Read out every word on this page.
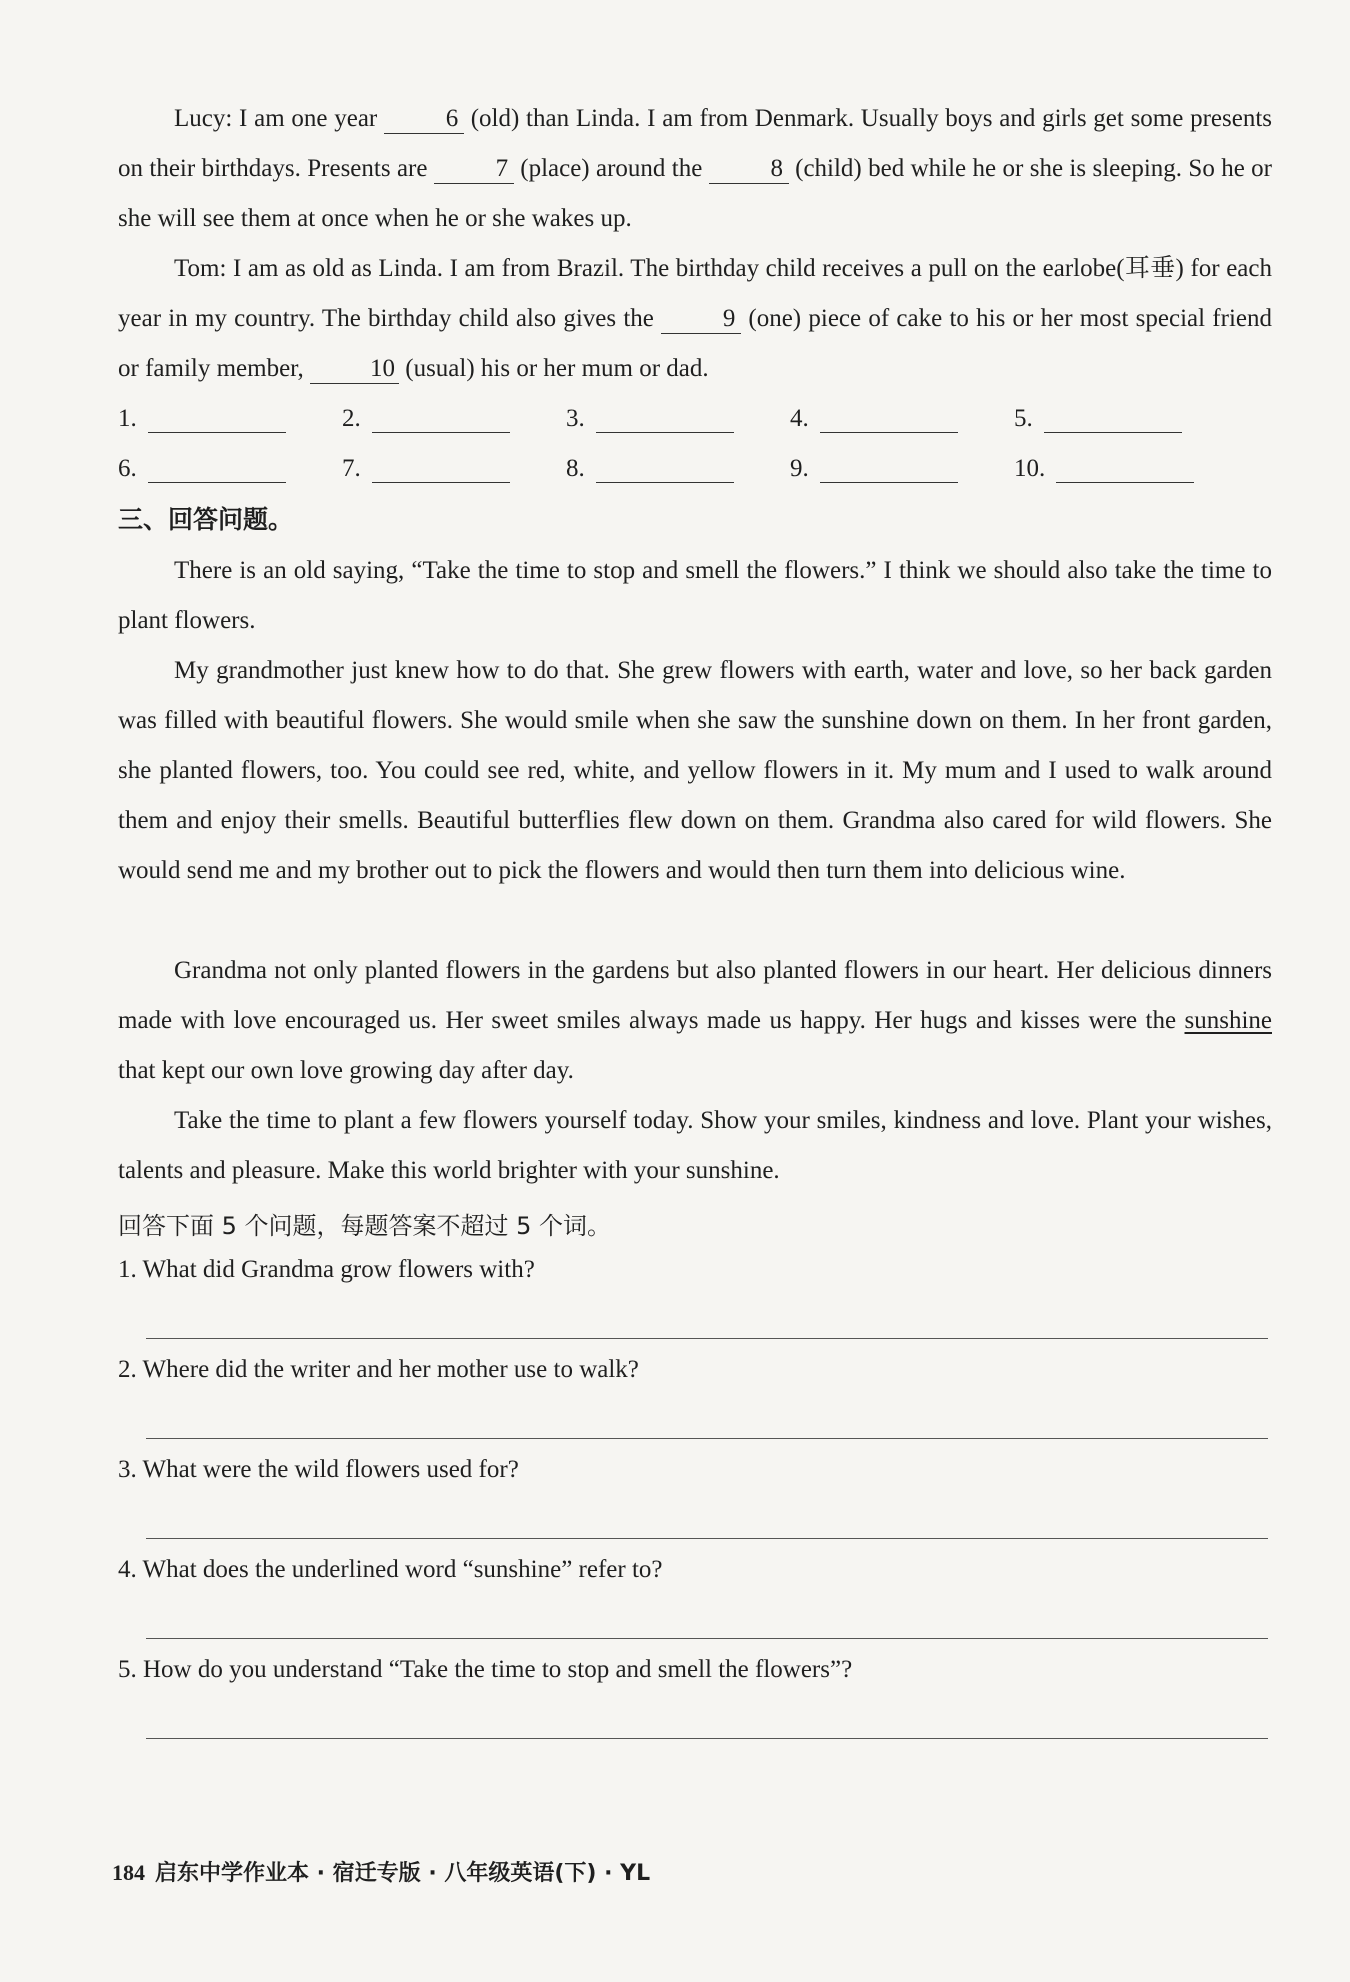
Lucy: I am one year 6 (old) than Linda. I am from Denmark. Usually boys and girls get some presents on their birthdays. Presents are 7 (place) around the 8 (child) bed while he or she is sleeping. So he or she will see them at once when he or she wakes up.
Tom: I am as old as Linda. I am from Brazil. The birthday child receives a pull on the earlobe(耳垂) for each year in my country. The birthday child also gives the 9 (one) piece of cake to his or her most special friend or family member, 10 (usual) his or her mum or dad.
1.	2.	3.	4.	5.
6.	7.	8.	9.	10.
三、回答问题。
There is an old saying, “Take the time to stop and smell the flowers.” I think we should also take the time to plant flowers.
My grandmother just knew how to do that. She grew flowers with earth, water and love, so her back garden was filled with beautiful flowers. She would smile when she saw the sunshine down on them. In her front garden, she planted flowers, too. You could see red, white, and yellow flowers in it. My mum and I used to walk around them and enjoy their smells. Beautiful butterflies flew down on them. Grandma also cared for wild flowers. She would send me and my brother out to pick the flowers and would then turn them into delicious wine.
Grandma not only planted flowers in the gardens but also planted flowers in our heart. Her delicious dinners made with love encouraged us. Her sweet smiles always made us happy. Her hugs and kisses were the sunshine that kept our own love growing day after day.
Take the time to plant a few flowers yourself today. Show your smiles, kindness and love. Plant your wishes, talents and pleasure. Make this world brighter with your sunshine.
回答下面 5 个问题，每题答案不超过 5 个词。
1. What did Grandma grow flowers with?
2. Where did the writer and her mother use to walk?
3. What were the wild flowers used for?
4. What does the underlined word “sunshine” refer to?
5. How do you understand “Take the time to stop and smell the flowers”?
184 启东中学作业本 · 宿迁专版 · 八年级英语(下) · YL
